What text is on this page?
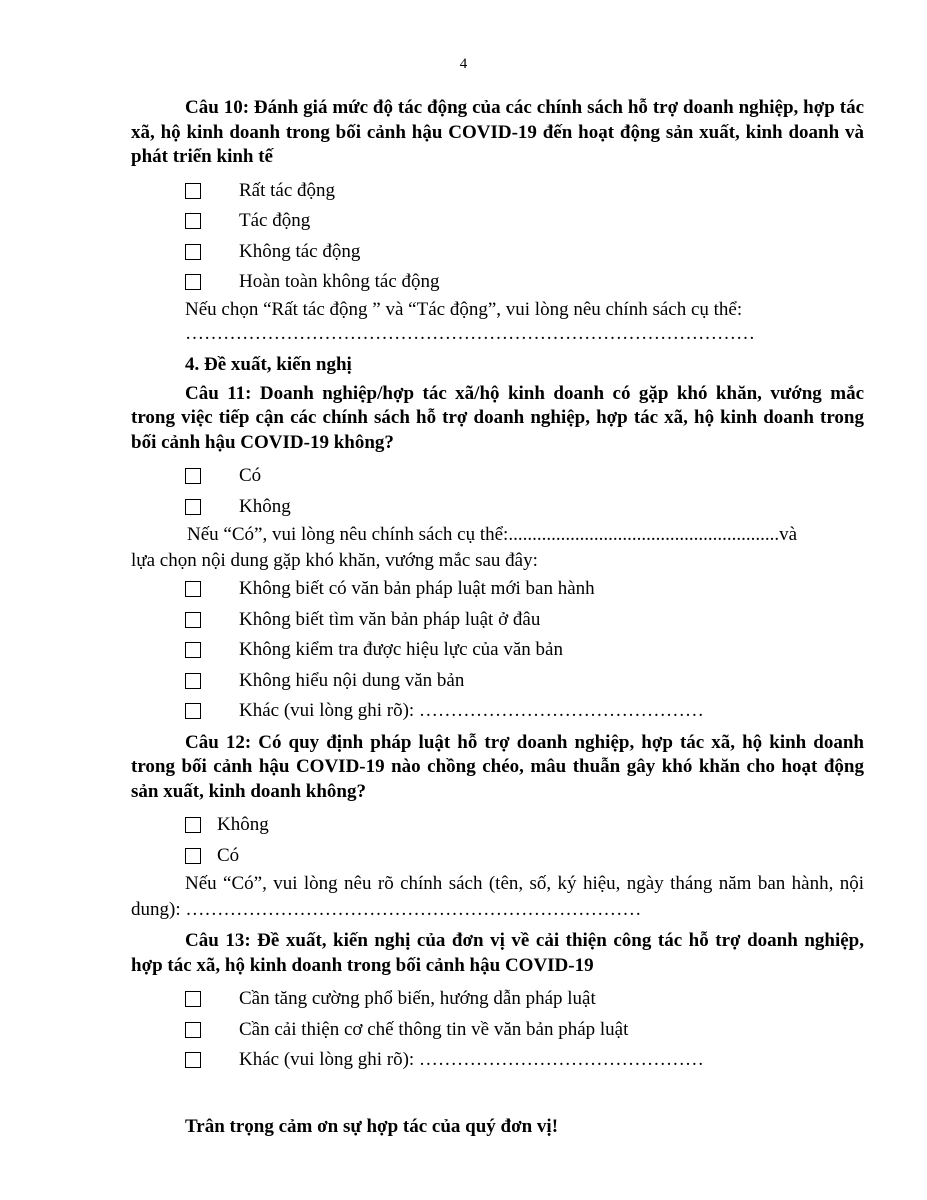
4

Câu 10: Đánh giá mức độ tác động của các chính sách hỗ trợ doanh nghiệp, hợp tác xã, hộ kinh doanh trong bối cảnh hậu COVID-19 đến hoạt động sản xuất, kinh doanh và phát triển kinh tế

Rất tác động
Tác động
Không tác động
Hoàn toàn không tác động
Nếu chọn “Rất tác động ” và “Tác động”, vui lòng nêu chính sách cụ thể:
………………………………………………………………………………
4. Đề xuất, kiến nghị

Câu 11: Doanh nghiệp/hợp tác xã/hộ kinh doanh có gặp khó khăn, vướng mắc trong việc tiếp cận các chính sách hỗ trợ doanh nghiệp, hợp tác xã, hộ kinh doanh trong bối cảnh hậu COVID-19 không?

Có
Không
Nếu “Có”, vui lòng nêu chính sách cụ thể:.........................................................và
lựa chọn nội dung gặp khó khăn, vướng mắc sau đây:
Không biết có văn bản pháp luật mới ban hành
Không biết tìm văn bản pháp luật ở đâu
Không kiểm tra được hiệu lực của văn bản
Không hiểu nội dung văn bản
Khác (vui lòng ghi rõ): ………………………………………

Câu 12: Có quy định pháp luật hỗ trợ doanh nghiệp, hợp tác xã, hộ kinh doanh trong bối cảnh hậu COVID-19 nào chồng chéo, mâu thuẫn gây khó khăn cho hoạt động sản xuất, kinh doanh không?

Không
Có

Nếu “Có”, vui lòng nêu rõ chính sách (tên, số, ký hiệu, ngày tháng năm ban hành, nội dung): ………………………………………………………………

Câu 13: Đề xuất, kiến nghị của đơn vị về cải thiện công tác hỗ trợ doanh nghiệp, hợp tác xã, hộ kinh doanh trong bối cảnh hậu COVID-19

Cần tăng cường phổ biến, hướng dẫn pháp luật
Cần cải thiện cơ chế thông tin về văn bản pháp luật
Khác (vui lòng ghi rõ): ………………………………………
Trân trọng cảm ơn sự hợp tác của quý đơn vị!
